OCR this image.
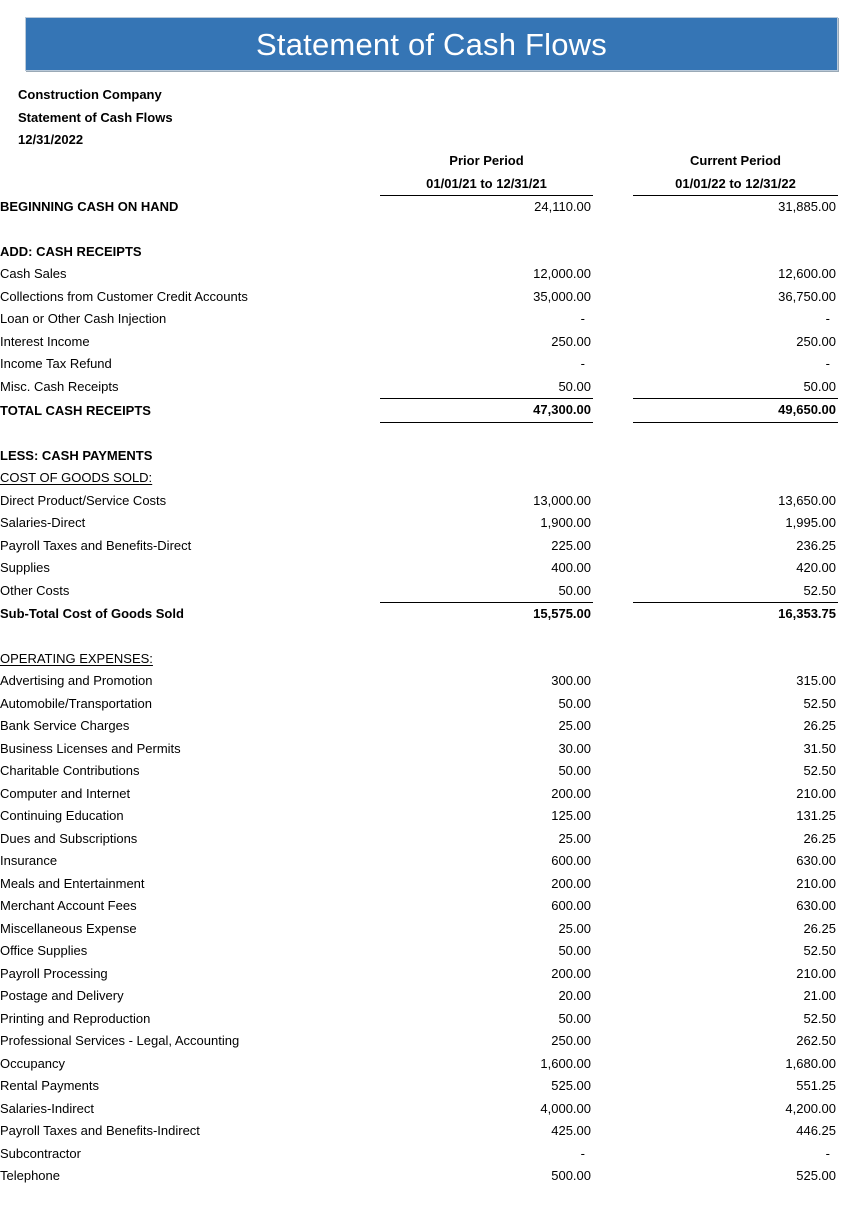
Statement of Cash Flows
Construction Company
Statement of Cash Flows
12/31/2022
		Prior Period		Current Period	
		01/01/21 to 12/31/21		01/01/22 to 12/31/22	
BEGINNING CASH ON HAND		24,110.00		31,885.00	

ADD: CASH RECEIPTS					
Cash Sales		12,000.00		12,600.00	
Collections from Customer Credit Accounts		35,000.00		36,750.00	
Loan or Other Cash Injection		-		-	
Interest Income		250.00		250.00	
Income Tax Refund		-		-	
Misc. Cash Receipts		50.00		50.00	
TOTAL CASH RECEIPTS		47,300.00		49,650.00	

LESS: CASH PAYMENTS					
COST OF GOODS SOLD:					
Direct Product/Service Costs		13,000.00		13,650.00	
Salaries-Direct		1,900.00		1,995.00	
Payroll Taxes and Benefits-Direct		225.00		236.25	
Supplies		400.00		420.00	
Other Costs		50.00		52.50	
Sub-Total Cost of Goods Sold		15,575.00		16,353.75	

OPERATING EXPENSES:					
Advertising and Promotion		300.00		315.00	
Automobile/Transportation		50.00		52.50	
Bank Service Charges		25.00		26.25	
Business Licenses and Permits		30.00		31.50	
Charitable Contributions		50.00		52.50	
Computer and Internet		200.00		210.00	
Continuing Education		125.00		131.25	
Dues and Subscriptions		25.00		26.25	
Insurance		600.00		630.00	
Meals and Entertainment		200.00		210.00	
Merchant Account Fees		600.00		630.00	
Miscellaneous Expense		25.00		26.25	
Office Supplies		50.00		52.50	
Payroll Processing		200.00		210.00	
Postage and Delivery		20.00		21.00	
Printing and Reproduction		50.00		52.50	
Professional Services - Legal, Accounting		250.00		262.50	
Occupancy		1,600.00		1,680.00	
Rental Payments		525.00		551.25	
Salaries-Indirect		4,000.00		4,200.00	
Payroll Taxes and Benefits-Indirect		425.00		446.25	
Subcontractor		-		-	
Telephone		500.00		525.00	
